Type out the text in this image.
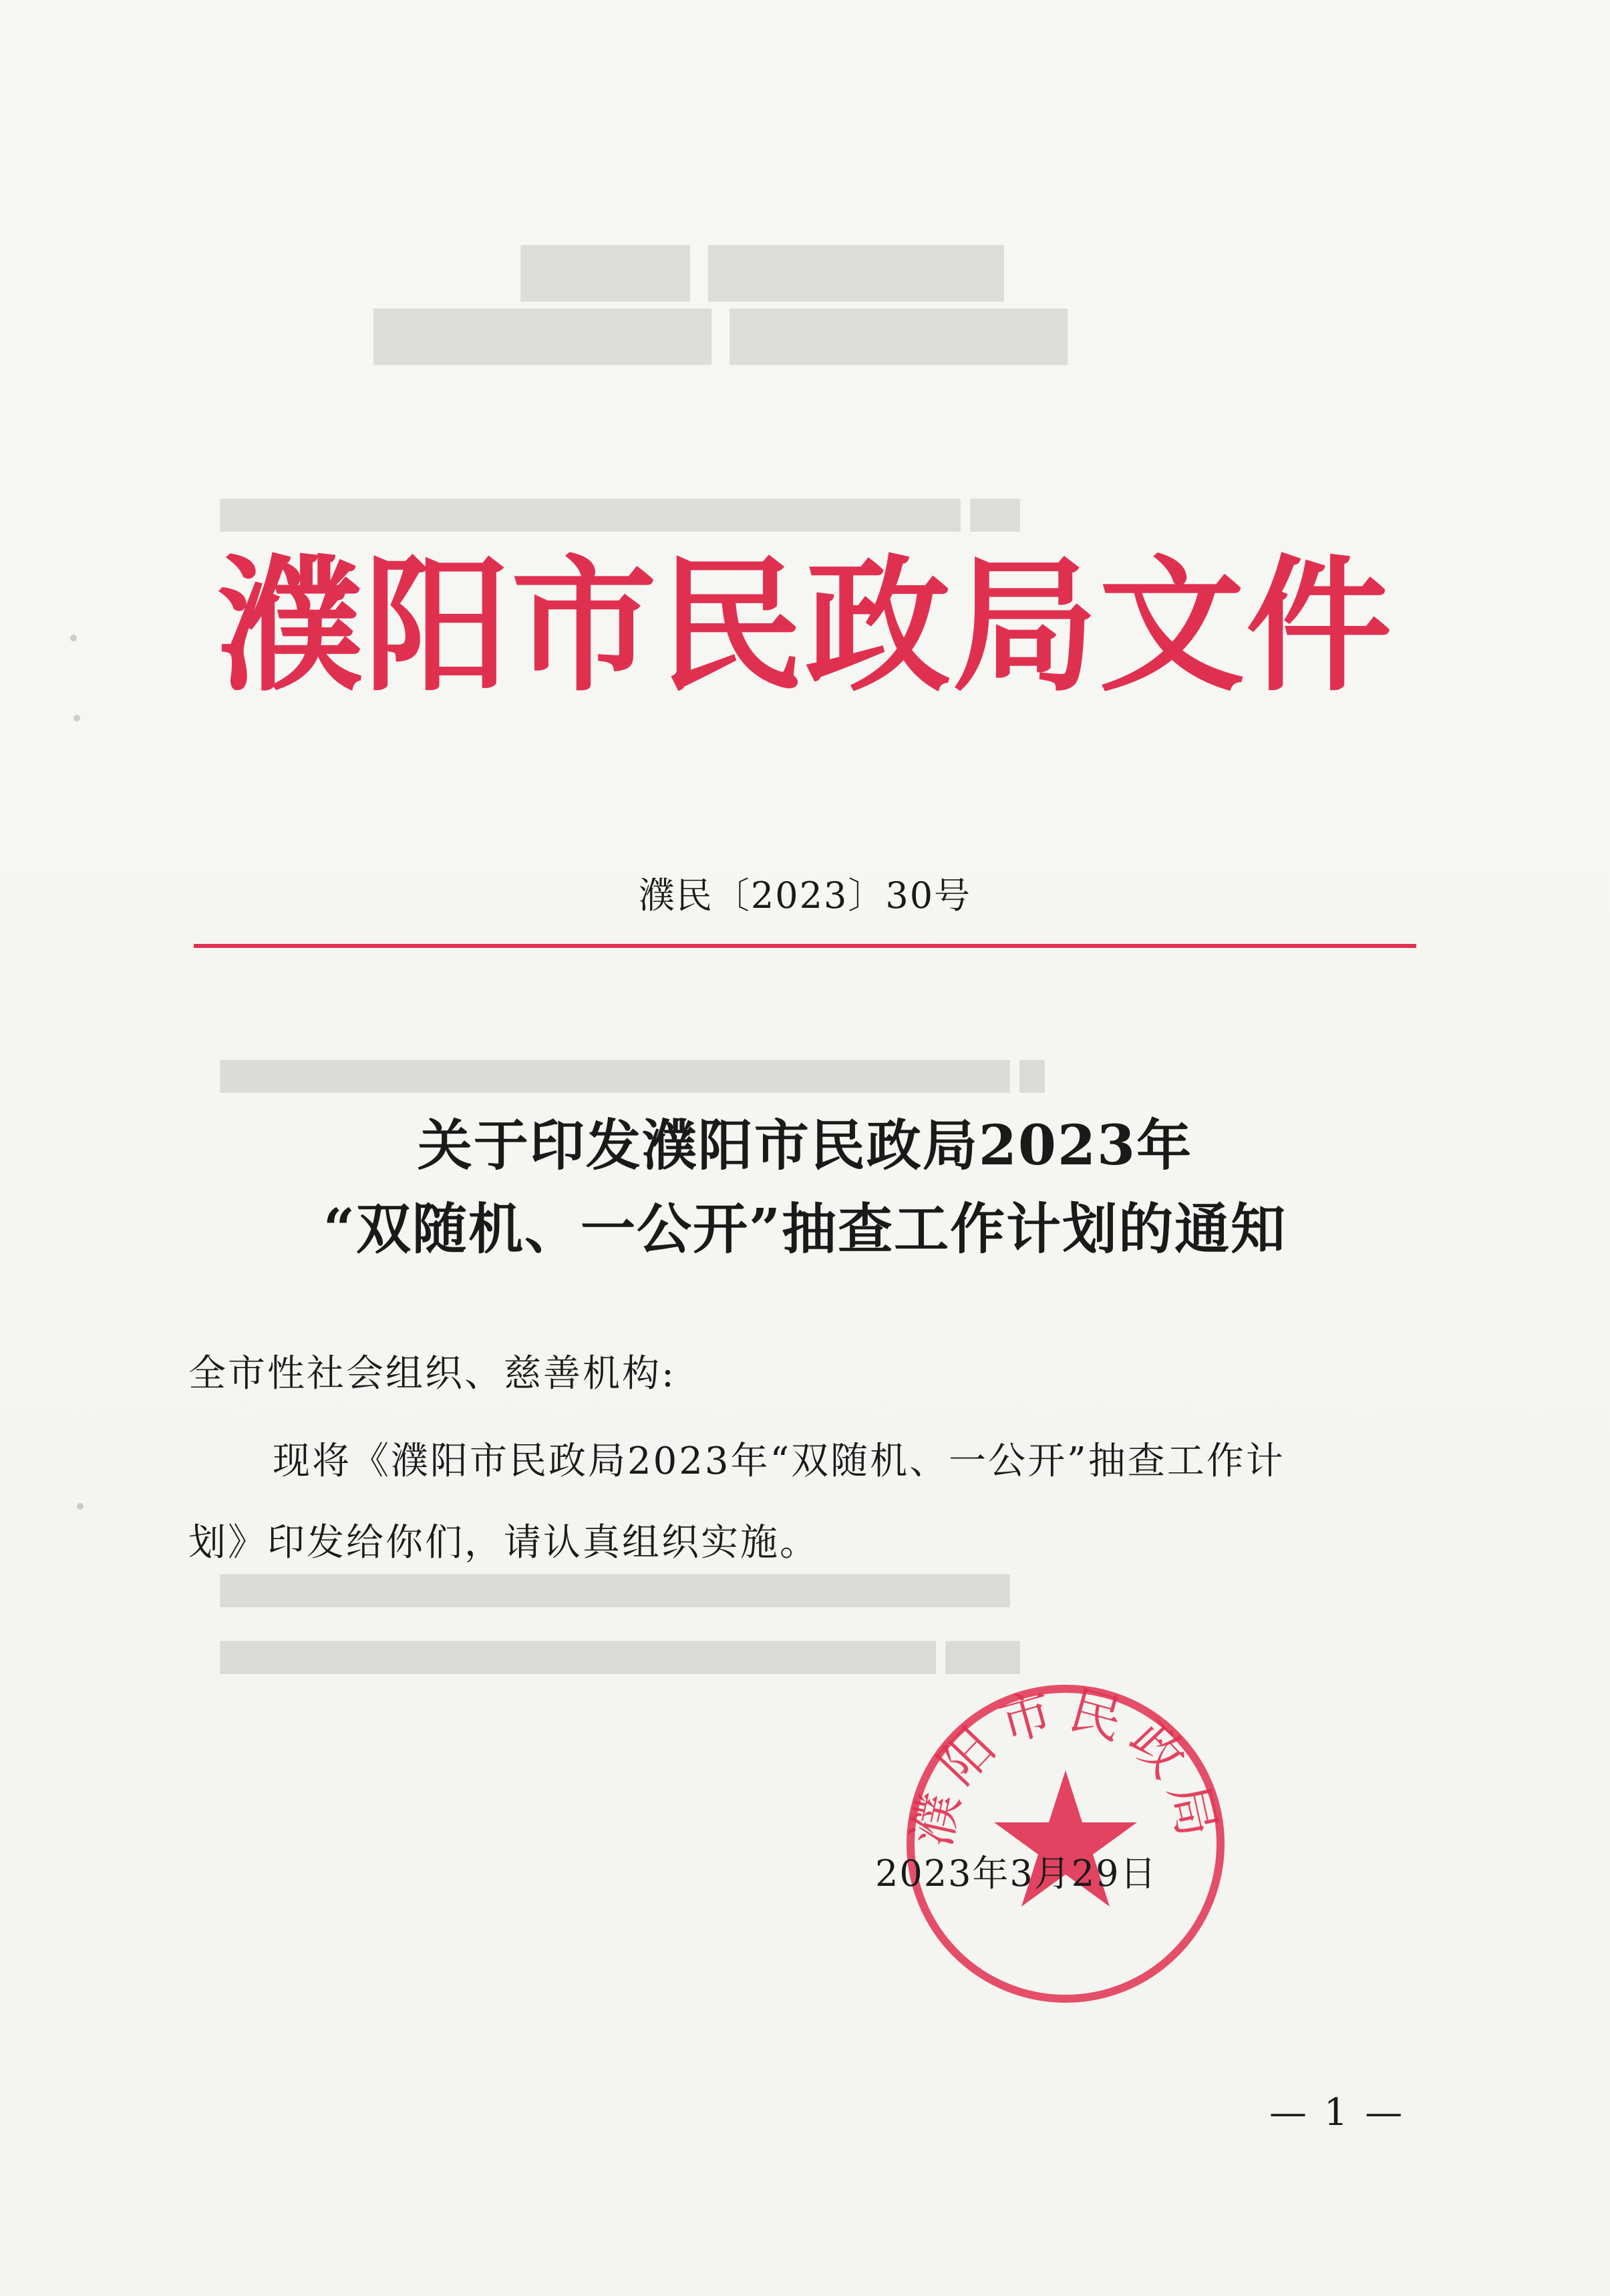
▇▇▇▇▇▇▇ ▇▇▇▇
▇▇▇▇▇▇▇▇ ▇▇▇▇▇▇▇▇
▇▇ ▇▇▇▇▇▇▇▇▇▇▇▇▇▇▇▇▇▇▇▇▇▇▇▇▇▇▇▇▇▇
▇ ▇▇▇▇▇▇▇▇▇▇▇▇▇▇▇▇▇▇▇▇▇▇▇▇▇▇▇▇▇▇▇▇
▇▇▇▇▇▇▇▇▇▇▇▇▇▇▇▇▇▇▇▇▇▇▇▇▇▇▇▇▇▇▇▇
▇▇▇ ▇▇▇▇▇▇▇▇▇▇▇▇▇▇▇▇▇▇▇▇▇▇▇▇▇▇▇▇▇
濮阳市民政局文件
濮民〔2023〕30号
关于印发濮阳市民政局2023年
“双随机、一公开”抽查工作计划的通知
全市性社会组织、慈善机构:
现将《濮阳市民政局2023年“双随机、一公开”抽查工作计
划》印发给你们，请认真组织实施。
濮阳市民政局
2023年3月29日
— 1 —
